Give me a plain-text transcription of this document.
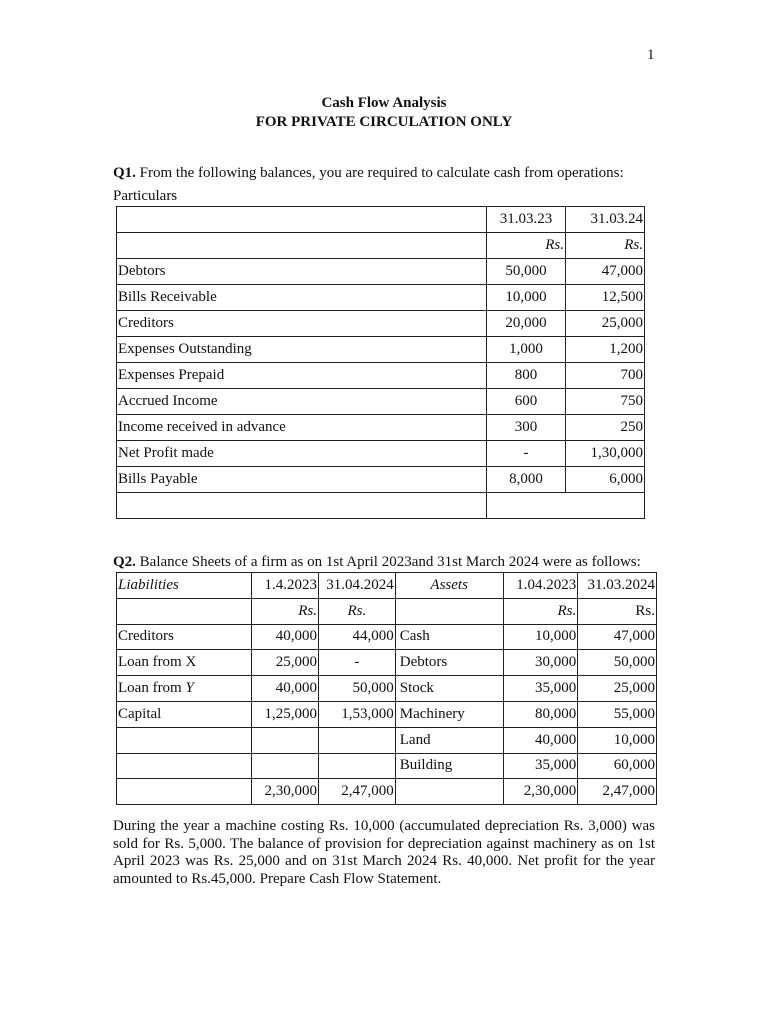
1
Cash Flow Analysis
FOR PRIVATE CIRCULATION ONLY
Q1. From the following balances, you are required to calculate cash from operations:
Particulars
	31.03.23	31.03.24
	Rs.	Rs.
Debtors	50,000	47,000
Bills Receivable	10,000	12,500
Creditors	20,000	25,000
Expenses Outstanding	1,000	1,200
Expenses Prepaid	800	700
Accrued Income	600	750
Income received in advance	300	250
Net Profit made	-	1,30,000
Bills Payable	8,000	6,000

Q2. Balance Sheets of a firm as on 1st April 2023and 31st March 2024 were as follows:
Liabilities	1.4.2023	31.04.2024	Assets	1.04.2023	31.03.2024
	Rs.	Rs.		Rs.	Rs.
Creditors	40,000	44,000	Cash	10,000	47,000
Loan from X	25,000	-	Debtors	30,000	50,000
Loan from Y	40,000	50,000	Stock	35,000	25,000
Capital	1,25,000	1,53,000	Machinery	80,000	55,000
			Land	40,000	10,000
			Building	35,000	60,000
	2,30,000	2,47,000		2,30,000	2,47,000
During the year a machine costing Rs. 10,000 (accumulated depreciation Rs. 3,000) was sold for Rs. 5,000. The balance of provision for depreciation against machinery as on 1st April 2023 was Rs. 25,000 and on 31st March 2024 Rs. 40,000. Net profit for the year amounted to Rs.45,000. Prepare Cash Flow Statement.
